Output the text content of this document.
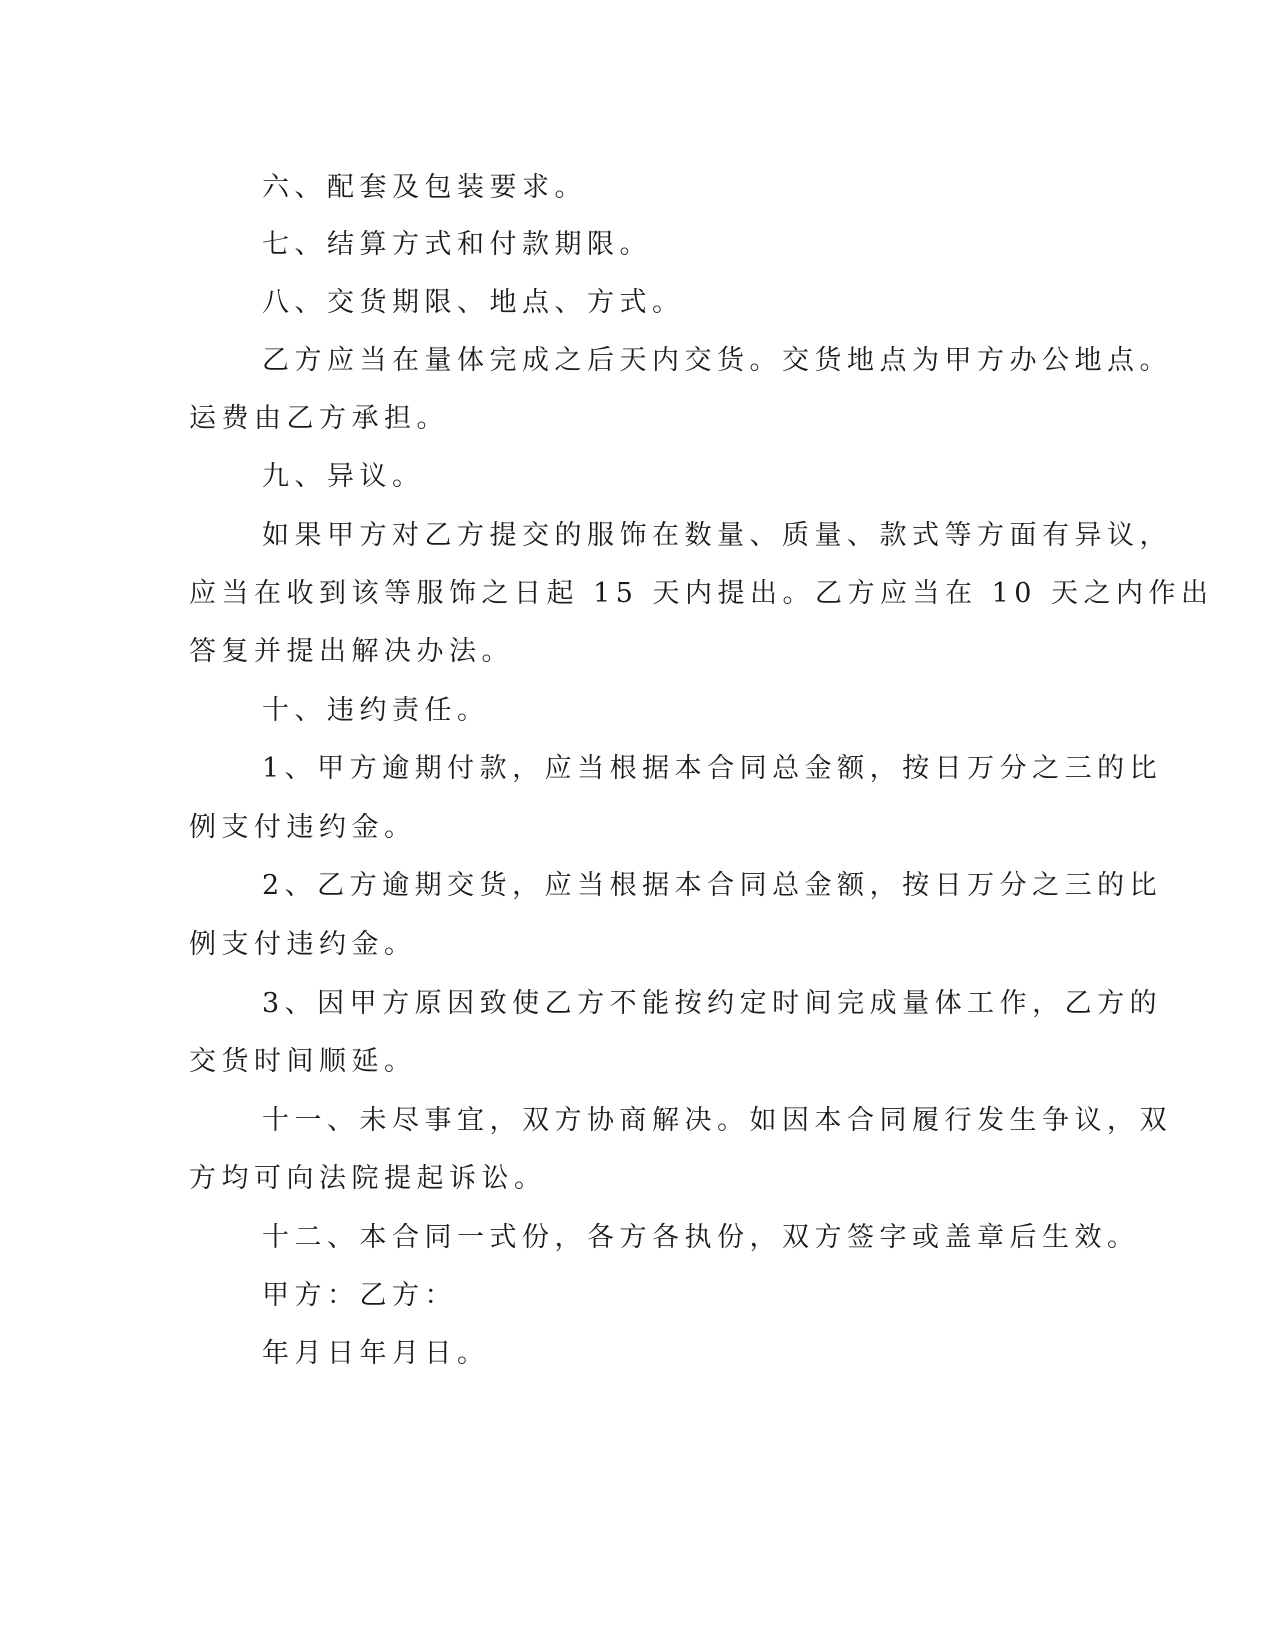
六、配套及包装要求。
七、结算方式和付款期限。
八、交货期限、地点、方式。
乙方应当在量体完成之后天内交货。交货地点为甲方办公地点。
运费由乙方承担。
九、异议。
如果甲方对乙方提交的服饰在数量、质量、款式等方面有异议，
应当在收到该等服饰之日起 15 天内提出。乙方应当在 10 天之内作出
答复并提出解决办法。
十、违约责任。
1、甲方逾期付款，应当根据本合同总金额，按日万分之三的比
例支付违约金。
2、乙方逾期交货，应当根据本合同总金额，按日万分之三的比
例支付违约金。
3、因甲方原因致使乙方不能按约定时间完成量体工作，乙方的
交货时间顺延。
十一、未尽事宜，双方协商解决。如因本合同履行发生争议，双
方均可向法院提起诉讼。
十二、本合同一式份，各方各执份，双方签字或盖章后生效。
甲方：乙方：
年月日年月日。
